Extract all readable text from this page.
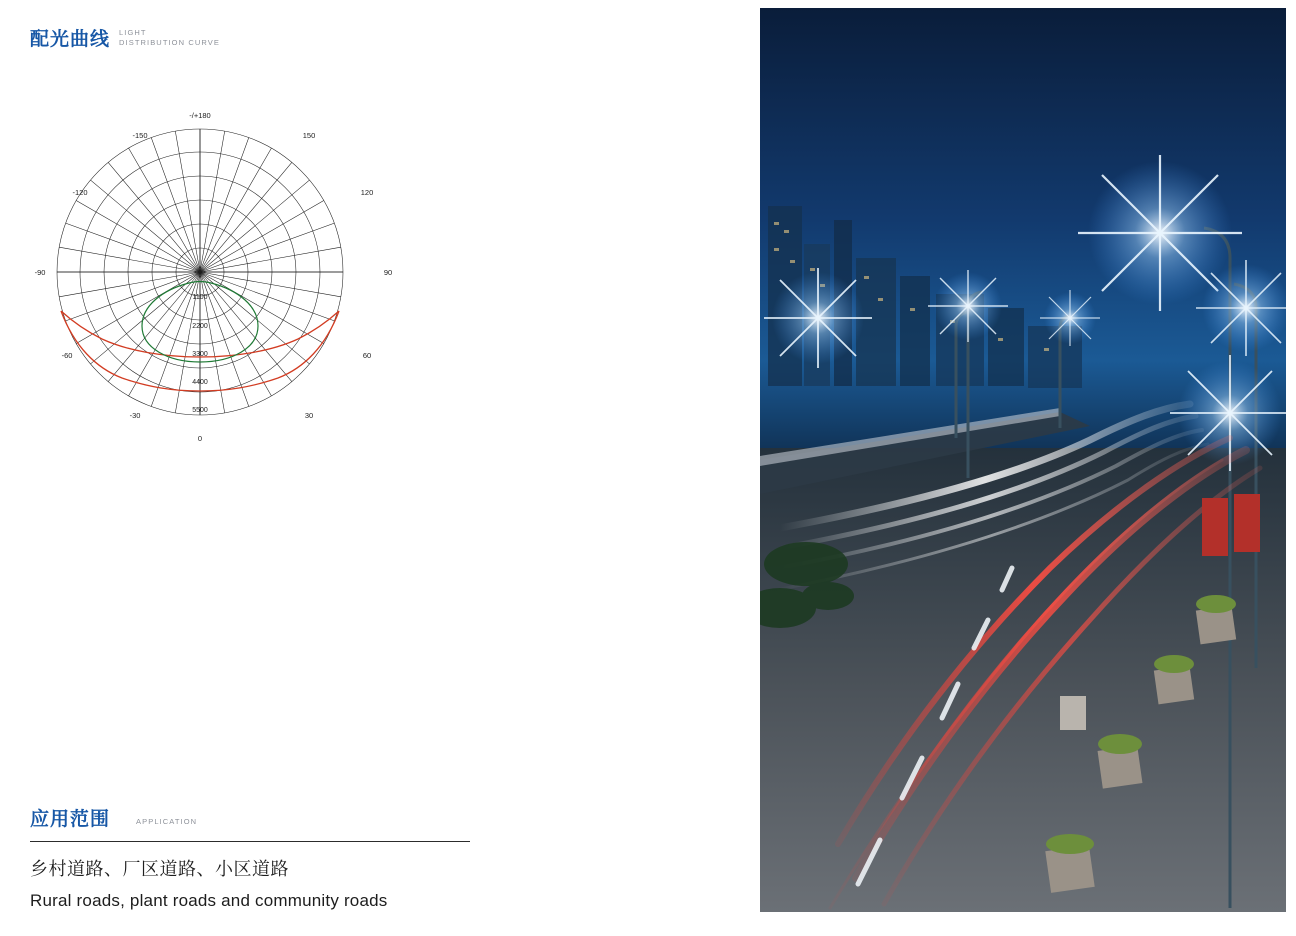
配光曲线 LIGHT
DISTRIBUTION CURVE
-/+180
-150	150
-120	120
-90	90
-60	60
-30	30
0
1100
2200
3300
4400
5500
应用范围	APPLICATION
乡村道路、厂区道路、小区道路
Rural roads, plant roads and community roads
